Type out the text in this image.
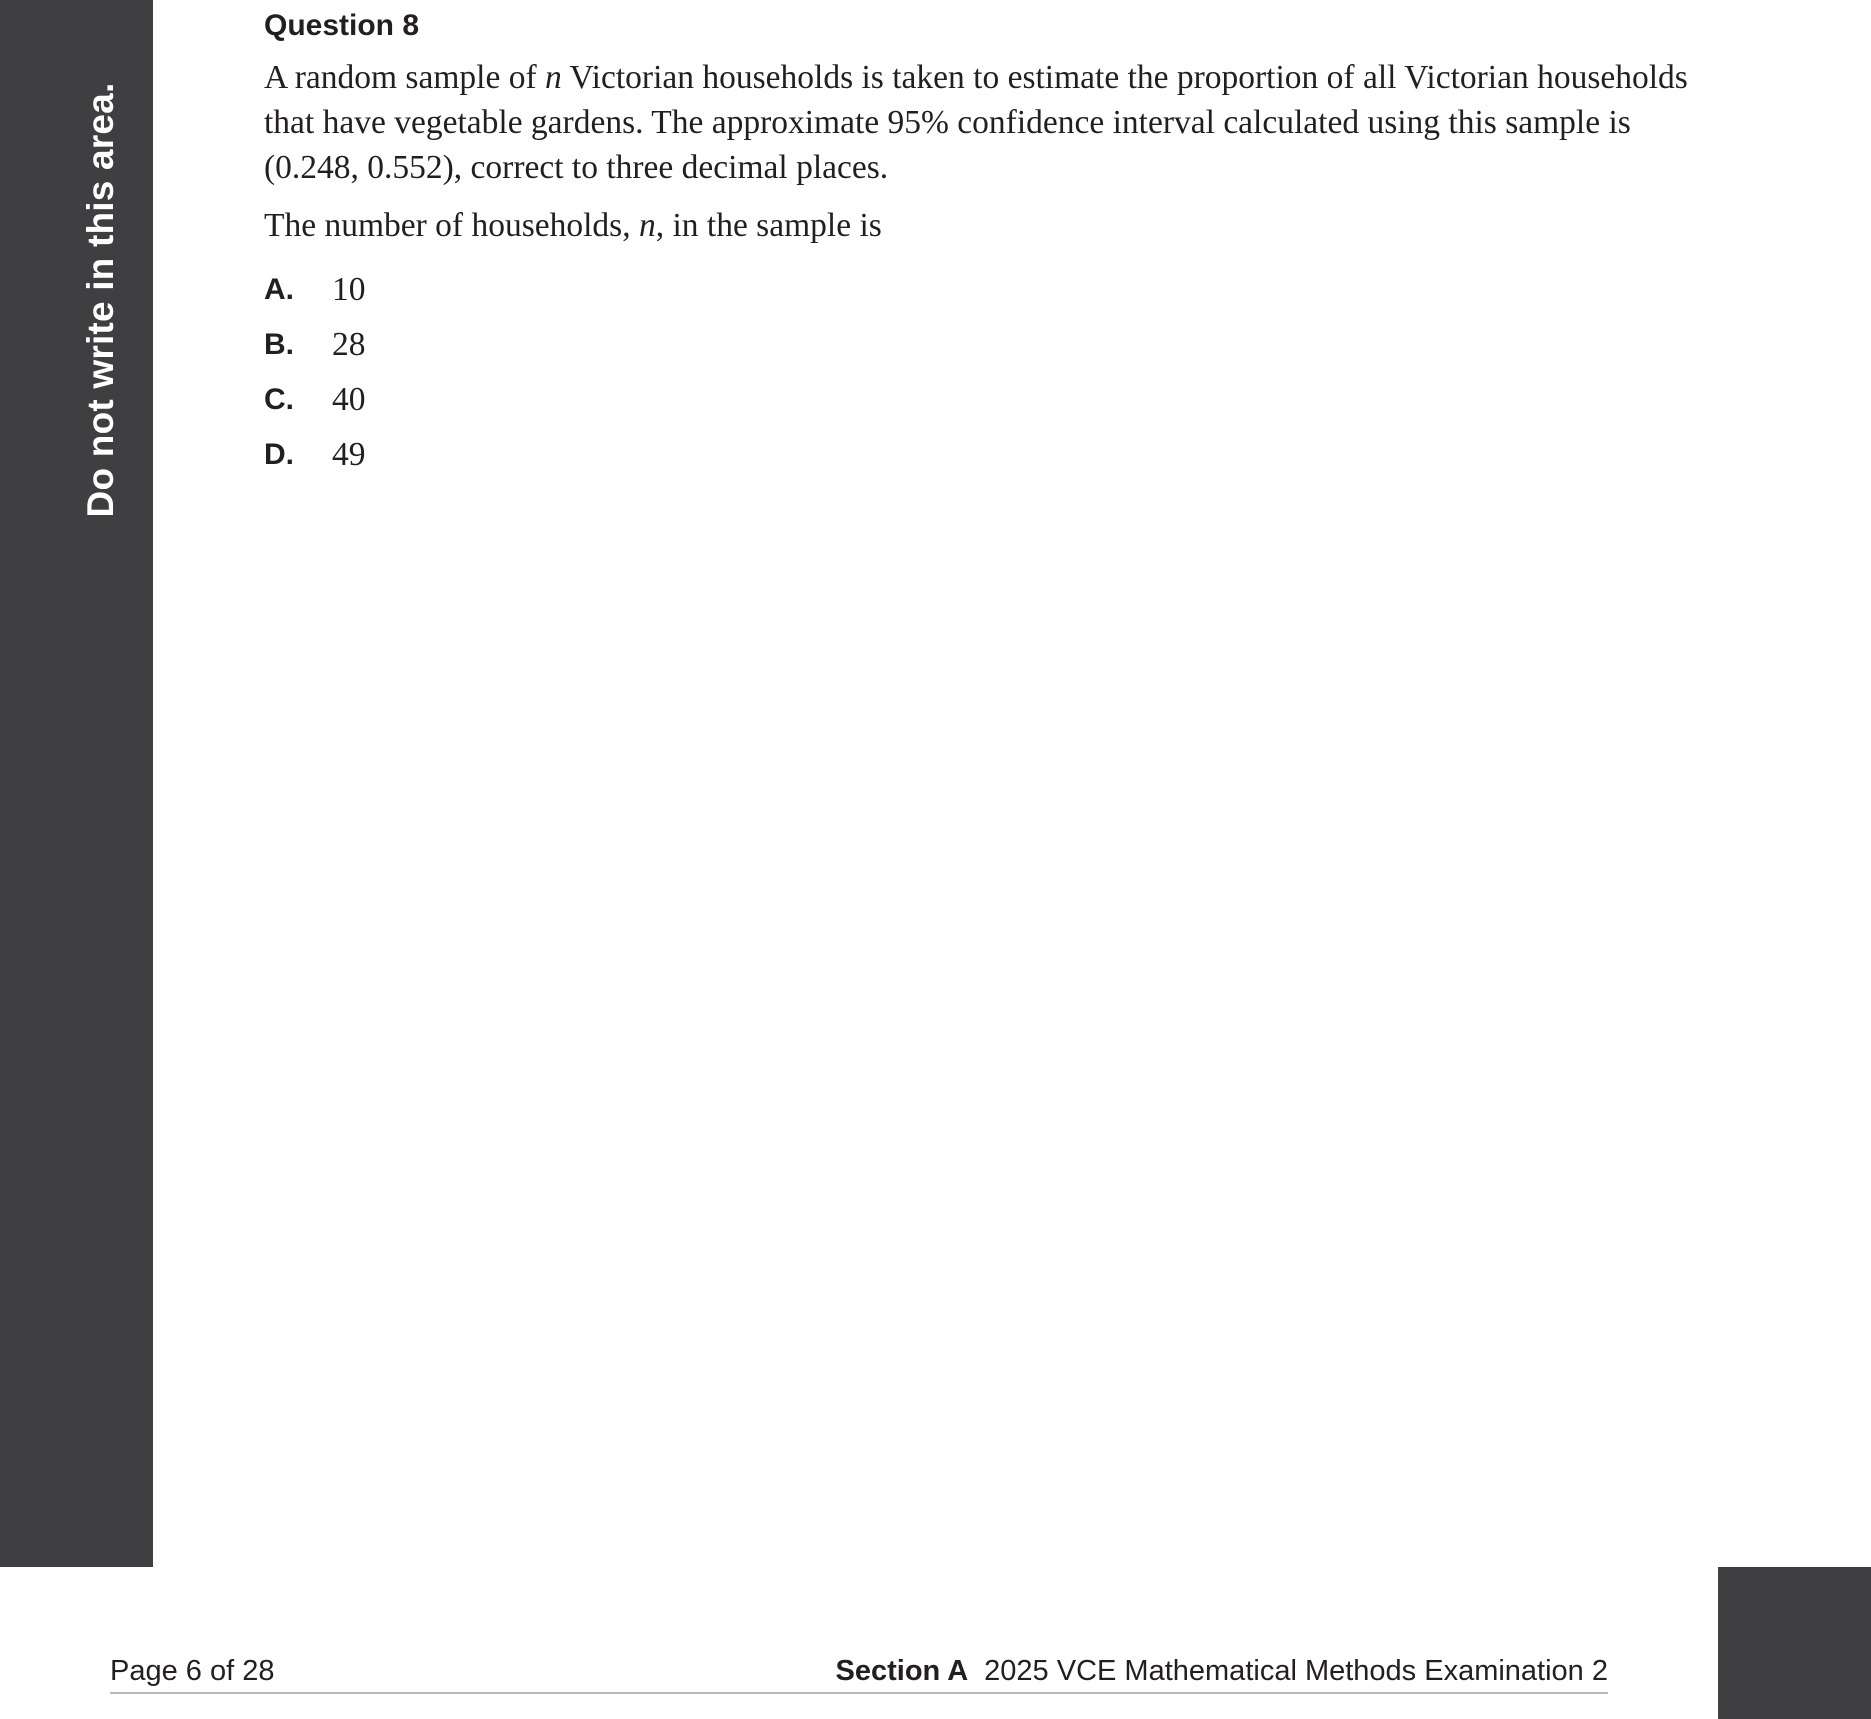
Do not write in this area.
Question 8

A random sample of n Victorian households is taken to estimate the proportion of all Victorian households that have vegetable gardens. The approximate 95% confidence interval calculated using this sample is (0.248, 0.552), correct to three decimal places.

The number of households, n, in the sample is

A.	10
B.	28
C.	40
D.	49
Page 6 of 28	Section A 2025 VCE Mathematical Methods Examination 2
